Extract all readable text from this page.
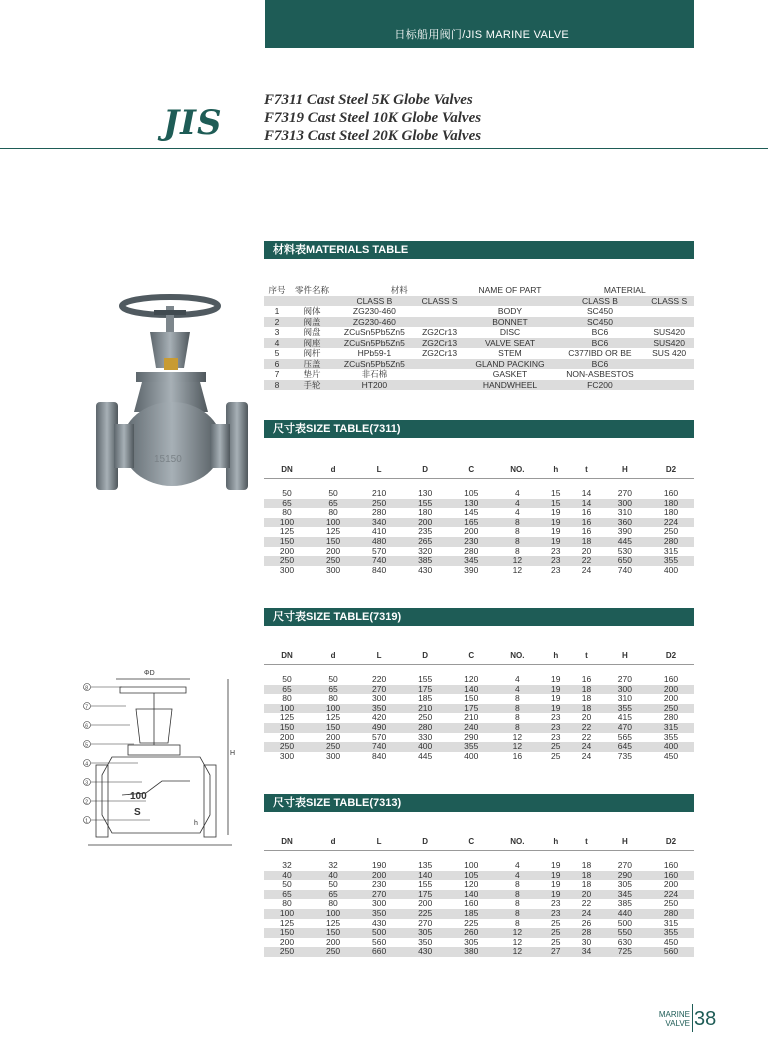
日标船用阀门/JIS MARINE VALVE
JIS
F7311 Cast Steel 5K Globe Valves
F7319 Cast Steel 10K Globe Valves
F7313 Cast Steel 20K Globe Valves
材料表MATERIALS TABLE
序号	零件名称	材料		NAME OF PART	MATERIAL	
		CLASS B	CLASS S		CLASS B	CLASS S
1	阀体	ZG230-460		BODY	SC450	
2	阀盖	ZG230-460		BONNET	SC450	
3	阀盘	ZCuSn5Pb5Zn5	ZG2Cr13	DISC	BC6	SUS420
4	阀座	ZCuSn5Pb5Zn5	ZG2Cr13	VALVE SEAT	BC6	SUS420
5	阀杆	HPb59-1	ZG2Cr13	STEM	C377IBD OR BE	SUS 420
6	压盖	ZCuSn5Pb5Zn5		GLAND PACKING	BC6	
7	垫片	非石棉		GASKET	NON-ASBESTOS	
8	手轮	HT200		HANDWHEEL	FC200	
15150
尺寸表SIZE TABLE(7311)
DN	d	L	D	C	NO.	h	t	H	D2

50	50	210	130	105	4	15	14	270	160
65	65	250	155	130	4	15	14	300	180
80	80	280	180	145	4	19	16	310	180
100	100	340	200	165	8	19	16	360	224
125	125	410	235	200	8	19	16	390	250
150	150	480	265	230	8	19	18	445	280
200	200	570	320	280	8	23	20	530	315
250	250	740	385	345	12	23	22	650	355
300	300	840	430	390	12	23	24	740	400
尺寸表SIZE TABLE(7319)
DN	d	L	D	C	NO.	h	t	H	D2

50	50	220	155	120	4	19	16	270	160
65	65	270	175	140	4	19	18	300	200
80	80	300	185	150	8	19	18	310	200
100	100	350	210	175	8	19	18	355	250
125	125	420	250	210	8	23	20	415	280
150	150	490	280	240	8	23	22	470	315
200	200	570	330	290	12	23	22	565	355
250	250	740	400	355	12	25	24	645	400
300	300	840	445	400	16	25	24	735	450
8
7
6
5
4
3
2
1
ΦD
100
S
H
h
尺寸表SIZE TABLE(7313)
DN	d	L	D	C	NO.	h	t	H	D2

32	32	190	135	100	4	19	18	270	160
40	40	200	140	105	4	19	18	290	160
50	50	230	155	120	8	19	18	305	200
65	65	270	175	140	8	19	20	345	224
80	80	300	200	160	8	23	22	385	250
100	100	350	225	185	8	23	24	440	280
125	125	430	270	225	8	25	26	500	315
150	150	500	305	260	12	25	28	550	355
200	200	560	350	305	12	25	30	630	450
250	250	660	430	380	12	27	34	725	560
MARINE
VALVE 38
